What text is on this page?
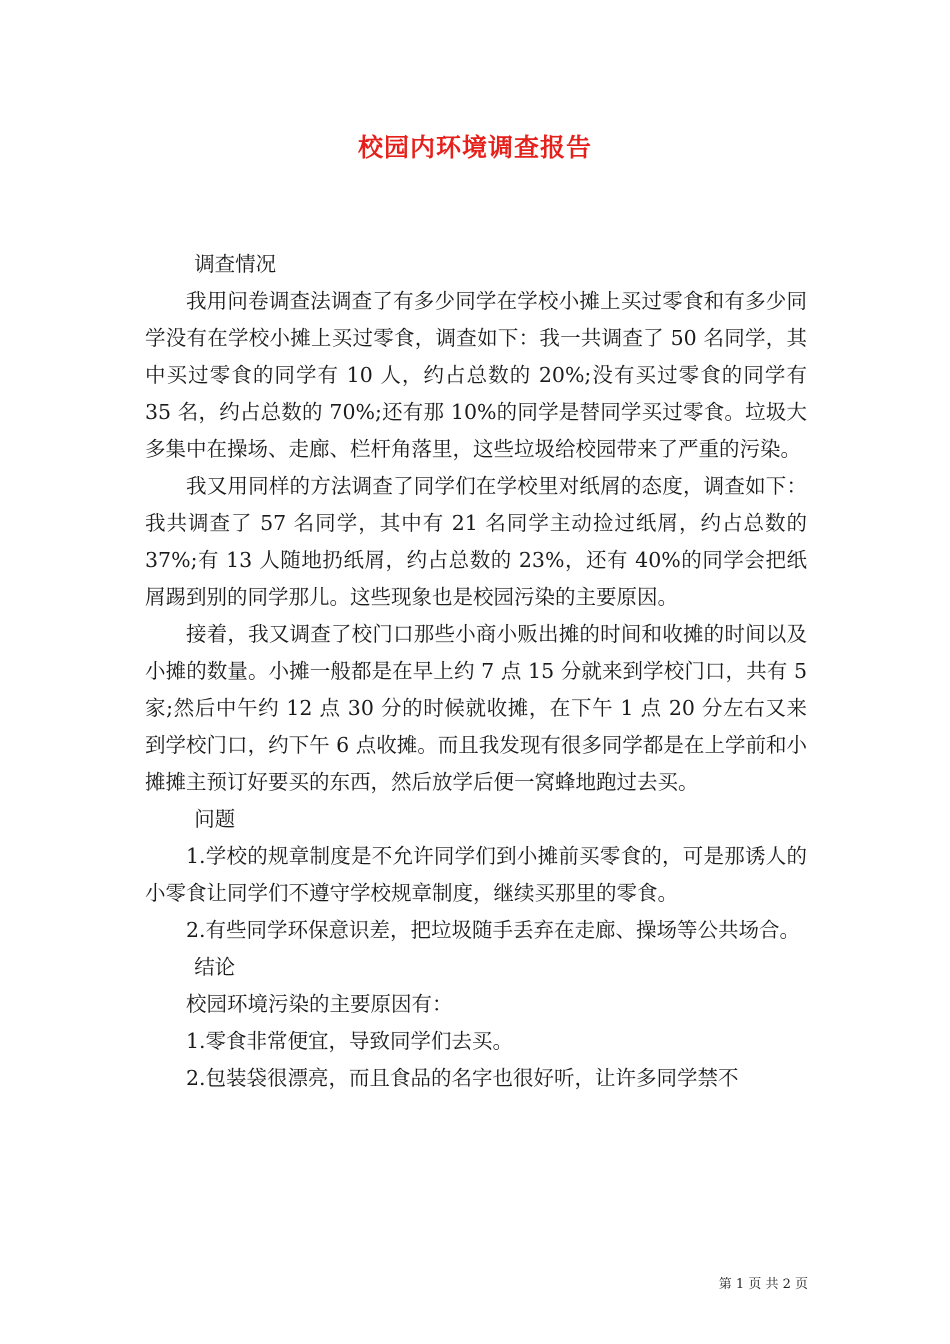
校园内环境调查报告

调查情况

我用问卷调查法调查了有多少同学在学校小摊上买过零食和有多少同学没有在学校小摊上买过零食，调查如下：我一共调查了 50 名同学，其中买过零食的同学有 10 人，约占总数的 20%;没有买过零食的同学有 35 名，约占总数的 70%;还有那 10%的同学是替同学买过零食。垃圾大多集中在操场、走廊、栏杆角落里，这些垃圾给校园带来了严重的污染。

我又用同样的方法调查了同学们在学校里对纸屑的态度，调查如下：我共调查了 57 名同学，其中有 21 名同学主动捡过纸屑，约占总数的 37%;有 13 人随地扔纸屑，约占总数的 23%，还有 40%的同学会把纸屑踢到别的同学那儿。这些现象也是校园污染的主要原因。

接着，我又调查了校门口那些小商小贩出摊的时间和收摊的时间以及小摊的数量。小摊一般都是在早上约 7 点 15 分就来到学校门口，共有 5 家;然后中午约 12 点 30 分的时候就收摊，在下午 1 点 20 分左右又来到学校门口，约下午 6 点收摊。而且我发现有很多同学都是在上学前和小摊摊主预订好要买的东西，然后放学后便一窝蜂地跑过去买。

问题

1.学校的规章制度是不允许同学们到小摊前买零食的，可是那诱人的小零食让同学们不遵守学校规章制度，继续买那里的零食。

2.有些同学环保意识差，把垃圾随手丢弃在走廊、操场等公共场合。

结论

校园环境污染的主要原因有：

1.零食非常便宜，导致同学们去买。

2.包装袋很漂亮，而且食品的名字也很好听，让许多同学禁不

第 1 页 共 2 页
